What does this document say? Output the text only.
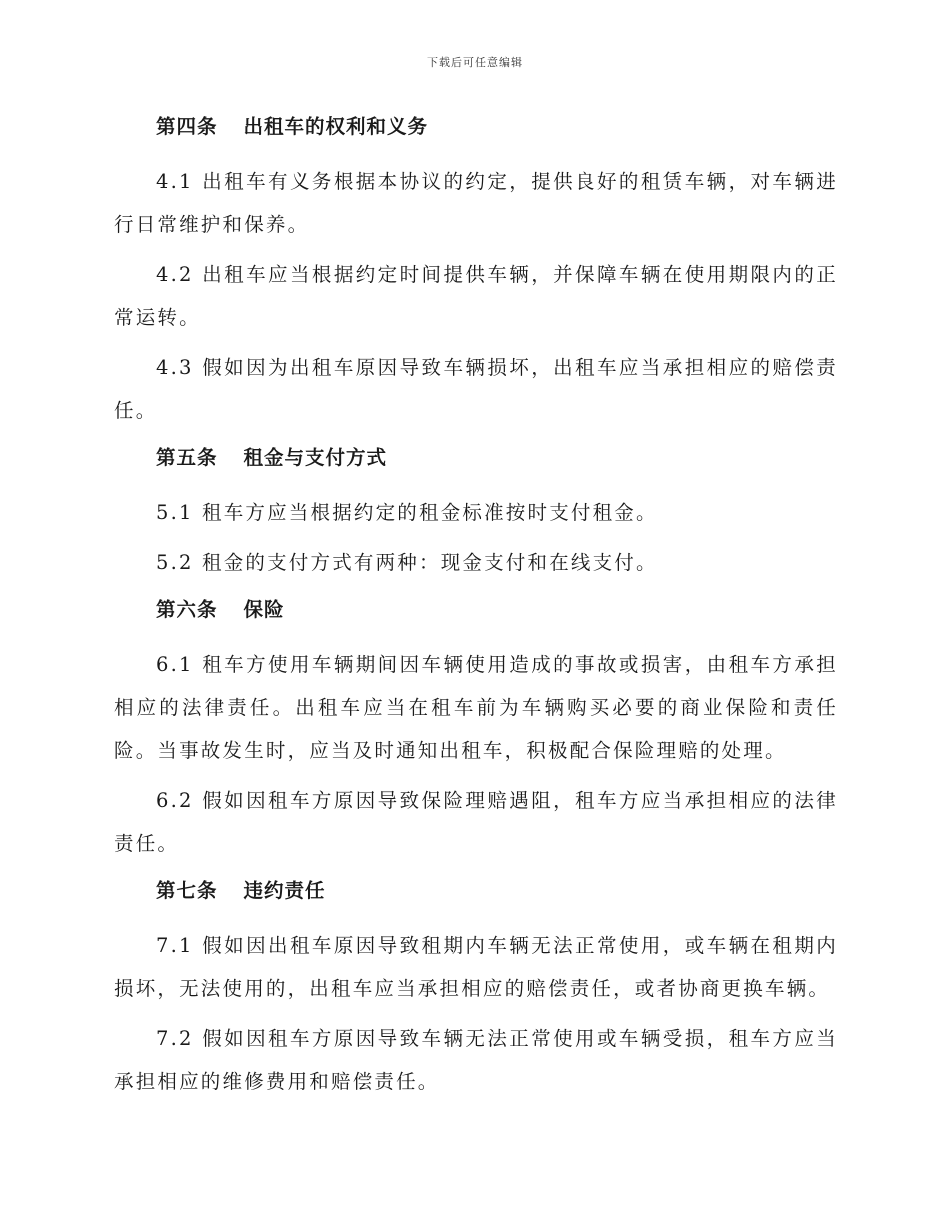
下载后可任意编辑
第四条 出租车的权利和义务

4.1 出租车有义务根据本协议的约定，提供良好的租赁车辆，对车辆进行日常维护和保养。

4.2 出租车应当根据约定时间提供车辆，并保障车辆在使用期限内的正常运转。

4.3 假如因为出租车原因导致车辆损坏，出租车应当承担相应的赔偿责任。

第五条 租金与支付方式

5.1 租车方应当根据约定的租金标准按时支付租金。

5.2 租金的支付方式有两种：现金支付和在线支付。

第六条 保险

6.1 租车方使用车辆期间因车辆使用造成的事故或损害，由租车方承担相应的法律责任。出租车应当在租车前为车辆购买必要的商业保险和责任险。当事故发生时，应当及时通知出租车，积极配合保险理赔的处理。

6.2 假如因租车方原因导致保险理赔遇阻，租车方应当承担相应的法律责任。

第七条 违约责任

7.1 假如因出租车原因导致租期内车辆无法正常使用，或车辆在租期内损坏，无法使用的，出租车应当承担相应的赔偿责任，或者协商更换车辆。

7.2 假如因租车方原因导致车辆无法正常使用或车辆受损，租车方应当承担相应的维修费用和赔偿责任。
